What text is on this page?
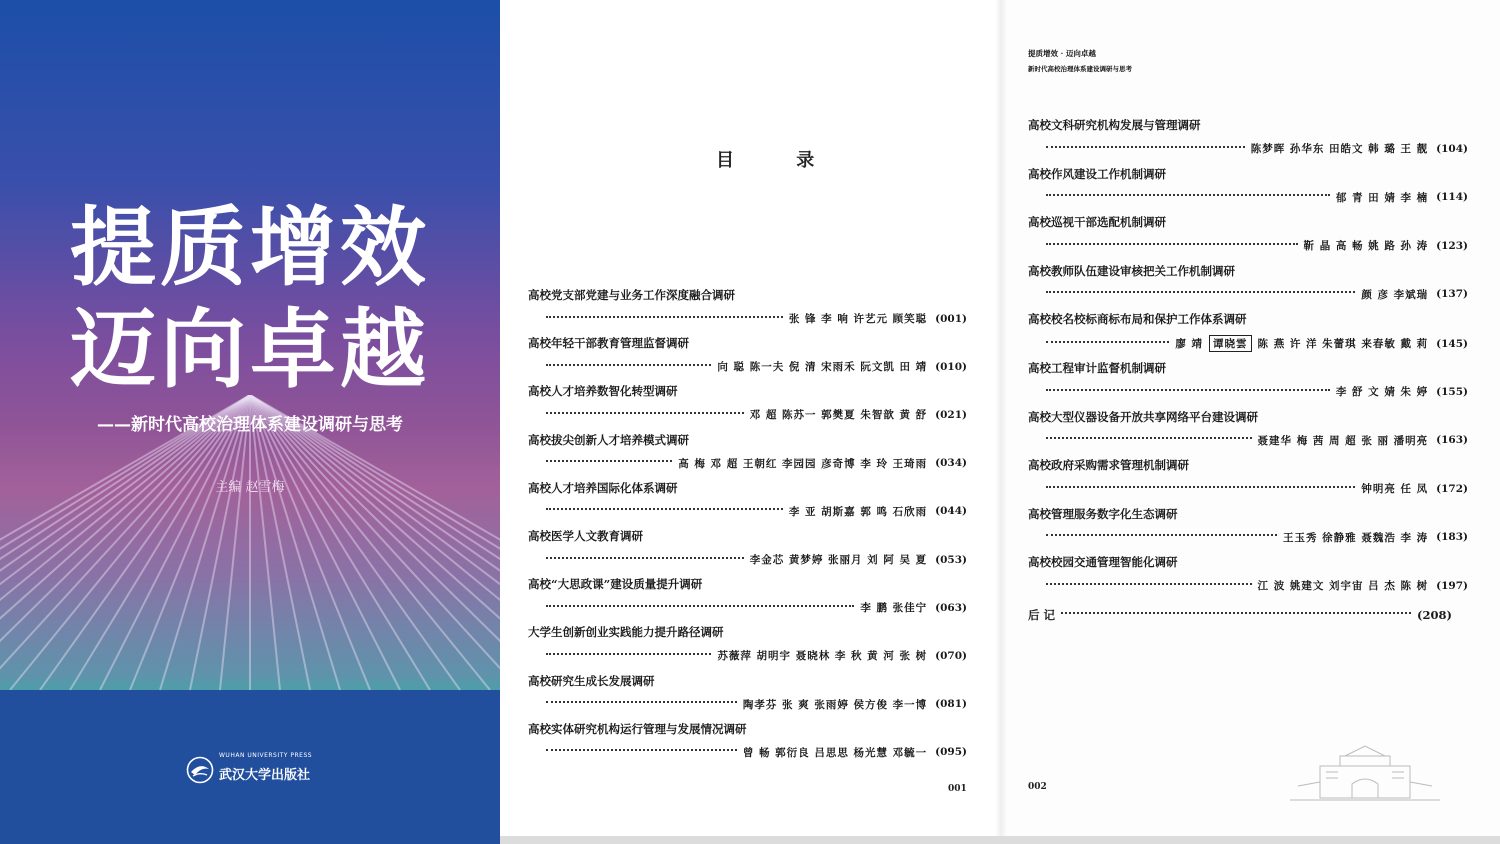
提质增效
迈向卓越
——新时代高校治理体系建设调研与思考
主编 赵雪梅
WUHAN UNIVERSITY PRESS
武汉大学出版社
目 录
高校党支部党建与业务工作深度融合调研
张 锋 李 响 许艺元 顾笑聪 (001)
高校年轻干部教育管理监督调研
向 聪 陈一夫 倪 清 宋雨禾 阮文凯 田 靖 (010)
高校人才培养数智化转型调研
邓 超 陈苏一 郭樊夏 朱智歆 黄 舒 (021)
高校拔尖创新人才培养模式调研
高 梅 邓 超 王朝红 李园园 彦奇博 李 玲 王琦雨 (034)
高校人才培养国际化体系调研
李 亚 胡斯嘉 郭 鸣 石欣雨 (044)
高校医学人文教育调研
李金芯 黄梦婷 张丽月 刘 阿 吴 夏 (053)
高校“大思政课”建设质量提升调研
李 鹏 张佳宁 (063)
大学生创新创业实践能力提升路径调研
苏薇萍 胡明宇 聂晓林 李 秋 黄 河 张 树 (070)
高校研究生成长发展调研
陶孝芬 张 爽 张雨婷 侯方俊 李一博 (081)
高校实体研究机构运行管理与发展情况调研
曾 畅 郭衍良 吕思思 杨光慧 邓毓一 (095)
001
提质增效 · 迈向卓越
新时代高校治理体系建设调研与思考
高校文科研究机构发展与管理调研
陈梦晖 孙华东 田皓文 韩 璐 王 靓 (104)
高校作风建设工作机制调研
郁 青 田 婧 李 楠 (114)
高校巡视干部选配机制调研
靳 晶 高 畅 姚 路 孙 涛 (123)
高校教师队伍建设审核把关工作机制调研
颜 彦 李斌瑞 (137)
高校校名校标商标布局和保护工作体系调研
廖 靖 谭晓雲 陈 燕 许 洋 朱蕾琪 来春敏 戴 莉 (145)
高校工程审计监督机制调研
李 舒 文 婧 朱 婷 (155)
高校大型仪器设备开放共享网络平台建设调研
聂建华 梅 茜 周 超 张 丽 潘明亮 (163)
高校政府采购需求管理机制调研
钟明亮 任 凤 (172)
高校管理服务数字化生态调研
王玉秀 徐静雅 聂魏浩 李 涛 (183)
高校校园交通管理智能化调研
江 波 姚建文 刘宇宙 吕 杰 陈 树 (197)
后 记	(208)
002
